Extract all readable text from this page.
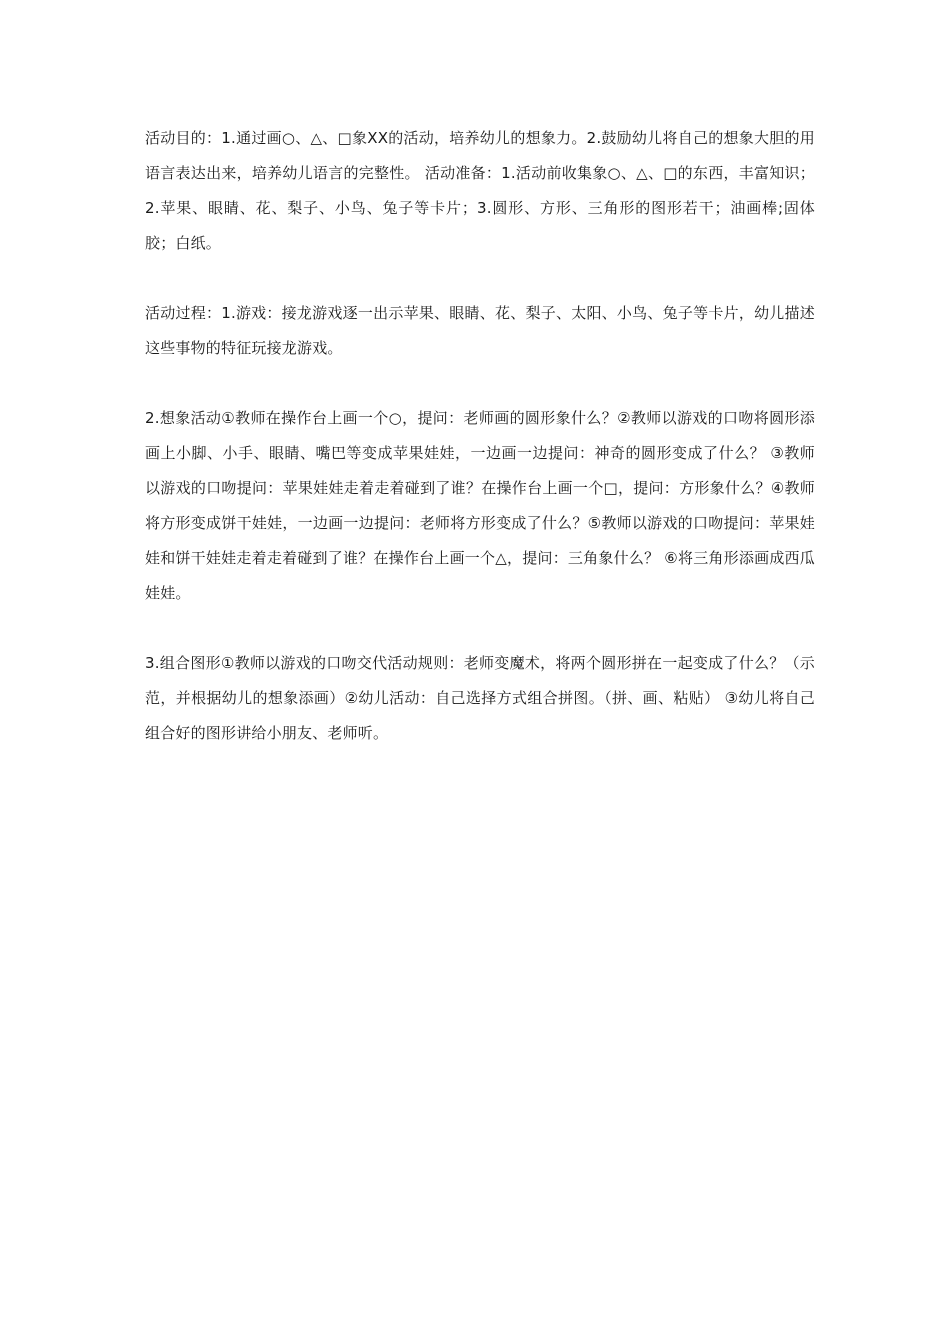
活动目的：1.通过画○、△、□象XX的活动，培养幼儿的想象力。2.鼓励幼儿将自己的想象大胆的用语言表达出来，培养幼儿语言的完整性。 活动准备：1.活动前收集象○、△、□的东西，丰富知识；2.苹果、眼睛、花、梨子、小鸟、兔子等卡片；3.圆形、方形、三角形的图形若干；油画棒;固体胶；白纸。

活动过程：1.游戏：接龙游戏逐一出示苹果、眼睛、花、梨子、太阳、小鸟、兔子等卡片，幼儿描述这些事物的特征玩接龙游戏。

2.想象活动①教师在操作台上画一个○，提问：老师画的圆形象什么？②教师以游戏的口吻将圆形添画上小脚、小手、眼睛、嘴巴等变成苹果娃娃，一边画一边提问：神奇的圆形变成了什么？ ③教师以游戏的口吻提问：苹果娃娃走着走着碰到了谁？在操作台上画一个□，提问：方形象什么？④教师将方形变成饼干娃娃，一边画一边提问：老师将方形变成了什么？⑤教师以游戏的口吻提问：苹果娃娃和饼干娃娃走着走着碰到了谁？在操作台上画一个△，提问：三角象什么？ ⑥将三角形添画成西瓜娃娃。

3.组合图形①教师以游戏的口吻交代活动规则：老师变魔术，将两个圆形拼在一起变成了什么？（示范，并根据幼儿的想象添画）②幼儿活动：自己选择方式组合拼图。（拼、画、粘贴） ③幼儿将自己组合好的图形讲给小朋友、老师听。
